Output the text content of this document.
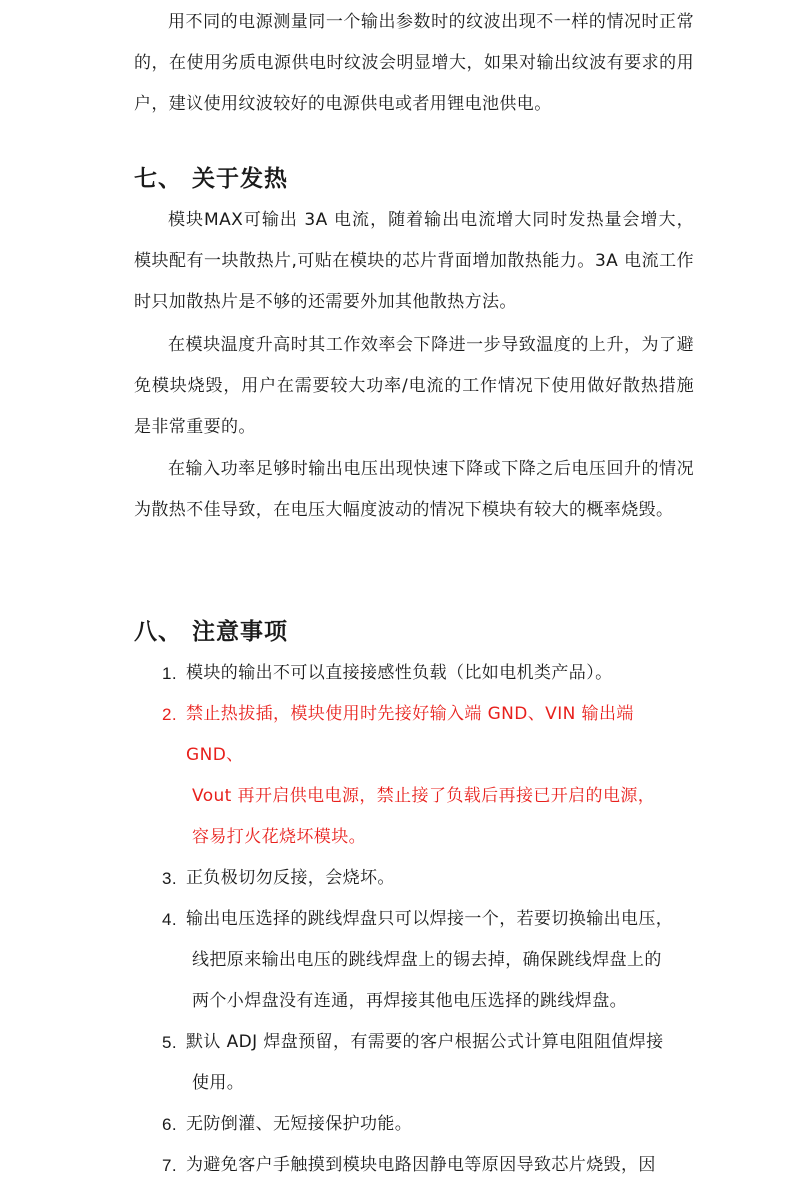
用不同的电源测量同一个输出参数时的纹波出现不一样的情况时正常的，在使用劣质电源供电时纹波会明显增大，如果对输出纹波有要求的用户，建议使用纹波较好的电源供电或者用锂电池供电。

七、 关于发热

模块MAX可输出 3A 电流，随着输出电流增大同时发热量会增大，模块配有一块散热片,可贴在模块的芯片背面增加散热能力。3A 电流工作时只加散热片是不够的还需要外加其他散热方法。

在模块温度升高时其工作效率会下降进一步导致温度的上升，为了避免模块烧毁，用户在需要较大功率/电流的工作情况下使用做好散热措施是非常重要的。

在输入功率足够时输出电压出现快速下降或下降之后电压回升的情况为散热不佳导致，在电压大幅度波动的情况下模块有较大的概率烧毁。

八、 注意事项
1. 模块的输出不可以直接接感性负载（比如电机类产品）。
2. 禁止热拔插，模块使用时先接好输入端 GND、VIN 输出端 GND、
Vout 再开启供电电源，禁止接了负载后再接已开启的电源，
容易打火花烧坏模块。
3. 正负极切勿反接，会烧坏。
4. 输出电压选择的跳线焊盘只可以焊接一个，若要切换输出电压，
线把原来输出电压的跳线焊盘上的锡去掉，确保跳线焊盘上的
两个小焊盘没有连通，再焊接其他电压选择的跳线焊盘。
5. 默认 ADJ 焊盘预留，有需要的客户根据公式计算电阻阻值焊接
使用。
6. 无防倒灌、无短接保护功能。
7. 为避免客户手触摸到模块电路因静电等原因导致芯片烧毁，因
